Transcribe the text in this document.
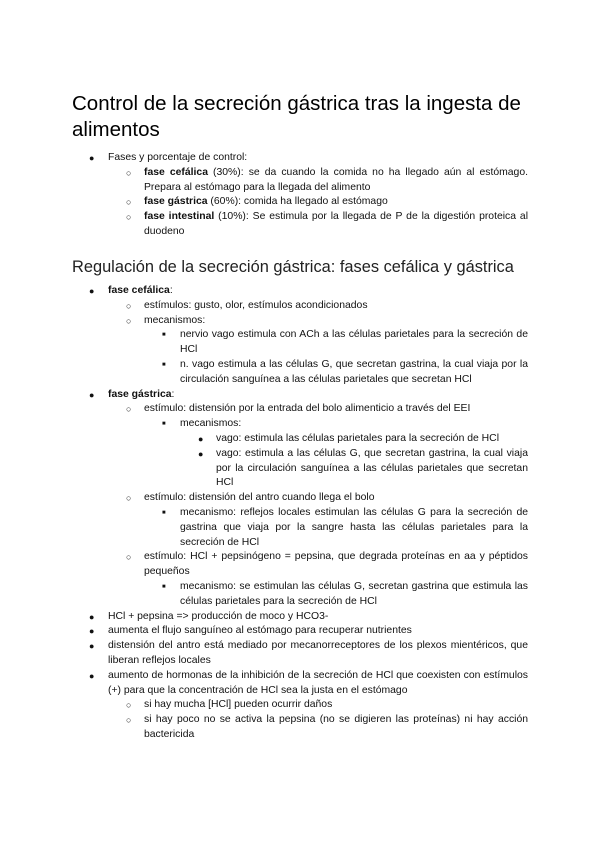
Control de la secreción gástrica tras la ingesta de alimentos
● Fases y porcentaje de control:
○ fase cefálica (30%): se da cuando la comida no ha llegado aún al estómago. Prepara al estómago para la llegada del alimento
○ fase gástrica (60%): comida ha llegado al estómago
○ fase intestinal (10%): Se estimula por la llegada de P de la digestión proteica al duodeno
Regulación de la secreción gástrica: fases cefálica y gástrica
● fase cefálica:
○ estímulos: gusto, olor, estímulos acondicionados
○ mecanismos:
■ nervio vago estimula con ACh a las células parietales para la secreción de HCl
■ n. vago estimula a las células G, que secretan gastrina, la cual viaja por la circulación sanguínea a las células parietales que secretan HCl
● fase gástrica:
○ estímulo: distensión por la entrada del bolo alimenticio a través del EEI
■ mecanismos:
● vago: estimula las células parietales para la secreción de HCl
● vago: estimula a las células G, que secretan gastrina, la cual viaja por la circulación sanguínea a las células parietales que secretan HCl
○ estímulo: distensión del antro cuando llega el bolo
■ mecanismo: reflejos locales estimulan las células G para la secreción de gastrina que viaja por la sangre hasta las células parietales para la secreción de HCl
○ estímulo: HCl + pepsinógeno = pepsina, que degrada proteínas en aa y péptidos pequeños
■ mecanismo: se estimulan las células G, secretan gastrina que estimula las células parietales para la secreción de HCl
● HCl + pepsina => producción de moco y HCO3-
● aumenta el flujo sanguíneo al estómago para recuperar nutrientes
● distensión del antro está mediado por mecanorreceptores de los plexos mientéricos, que liberan reflejos locales
● aumento de hormonas de la inhibición de la secreción de HCl que coexisten con estímulos (+) para que la concentración de HCl sea la justa en el estómago
○ si hay mucha [HCl] pueden ocurrir daños
○ si hay poco no se activa la pepsina (no se digieren las proteínas) ni hay acción bactericida
